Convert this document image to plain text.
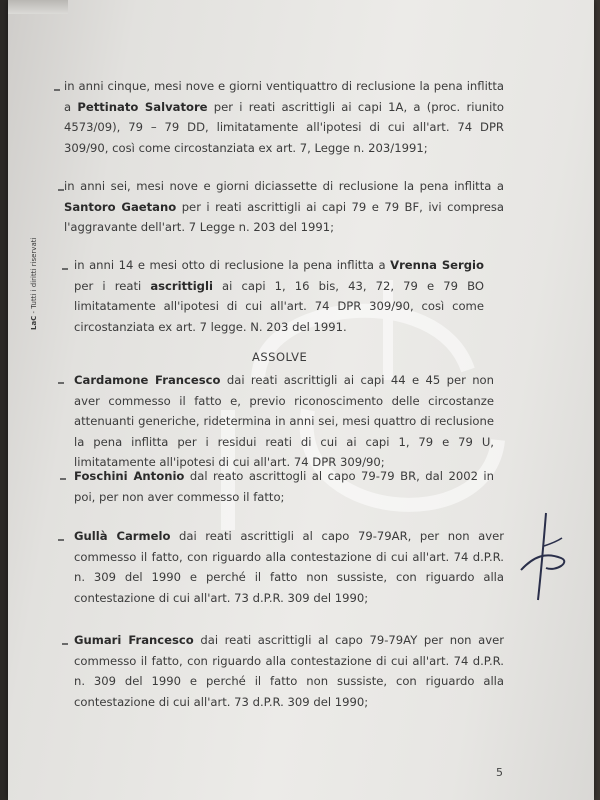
LaC - Tutti i diritti riservati

in anni cinque, mesi nove e giorni ventiquattro di reclusione la pena inflitta a Pettinato Salvatore per i reati ascrittigli ai capi 1A, a (proc. riunito 4573/09), 79 – 79 DD, limitatamente all'ipotesi di cui all'art. 74 DPR 309/90, così come circostanziata ex art. 7, Legge n. 203/1991;

in anni sei, mesi nove e giorni diciassette di reclusione la pena inflitta a Santoro Gaetano per i reati ascrittigli ai capi 79 e 79 BF, ivi compresa l'aggravante dell'art. 7 Legge n. 203 del 1991;

in anni 14 e mesi otto di reclusione la pena inflitta a Vrenna Sergio per i reati ascrittigli ai capi 1, 16 bis, 43, 72, 79 e 79 BO limitatamente all'ipotesi di cui all'art. 74 DPR 309/90, così come circostanziata ex art. 7 legge. N. 203 del 1991.

ASSOLVE

Cardamone Francesco dai reati ascrittigli ai capi 44 e 45 per non aver commesso il fatto e, previo riconoscimento delle circostanze attenuanti generiche, ridetermina in anni sei, mesi quattro di reclusione la pena inflitta per i residui reati di cui ai capi 1, 79 e 79 U, limitatamente all'ipotesi di cui all'art. 74 DPR 309/90;

Foschini Antonio dal reato ascrittogli al capo 79-79 BR, dal 2002 in poi, per non aver commesso il fatto;

Gullà Carmelo dai reati ascrittigli al capo 79-79AR, per non aver commesso il fatto, con riguardo alla contestazione di cui all'art. 74 d.P.R. n. 309 del 1990 e perché il fatto non sussiste, con riguardo alla contestazione di cui all'art. 73 d.P.R. 309 del 1990;

Gumari Francesco dai reati ascrittigli al capo 79-79AY per non aver commesso il fatto, con riguardo alla contestazione di cui all'art. 74 d.P.R. n. 309 del 1990 e perché il fatto non sussiste, con riguardo alla contestazione di cui all'art. 73 d.P.R. 309 del 1990;

5
